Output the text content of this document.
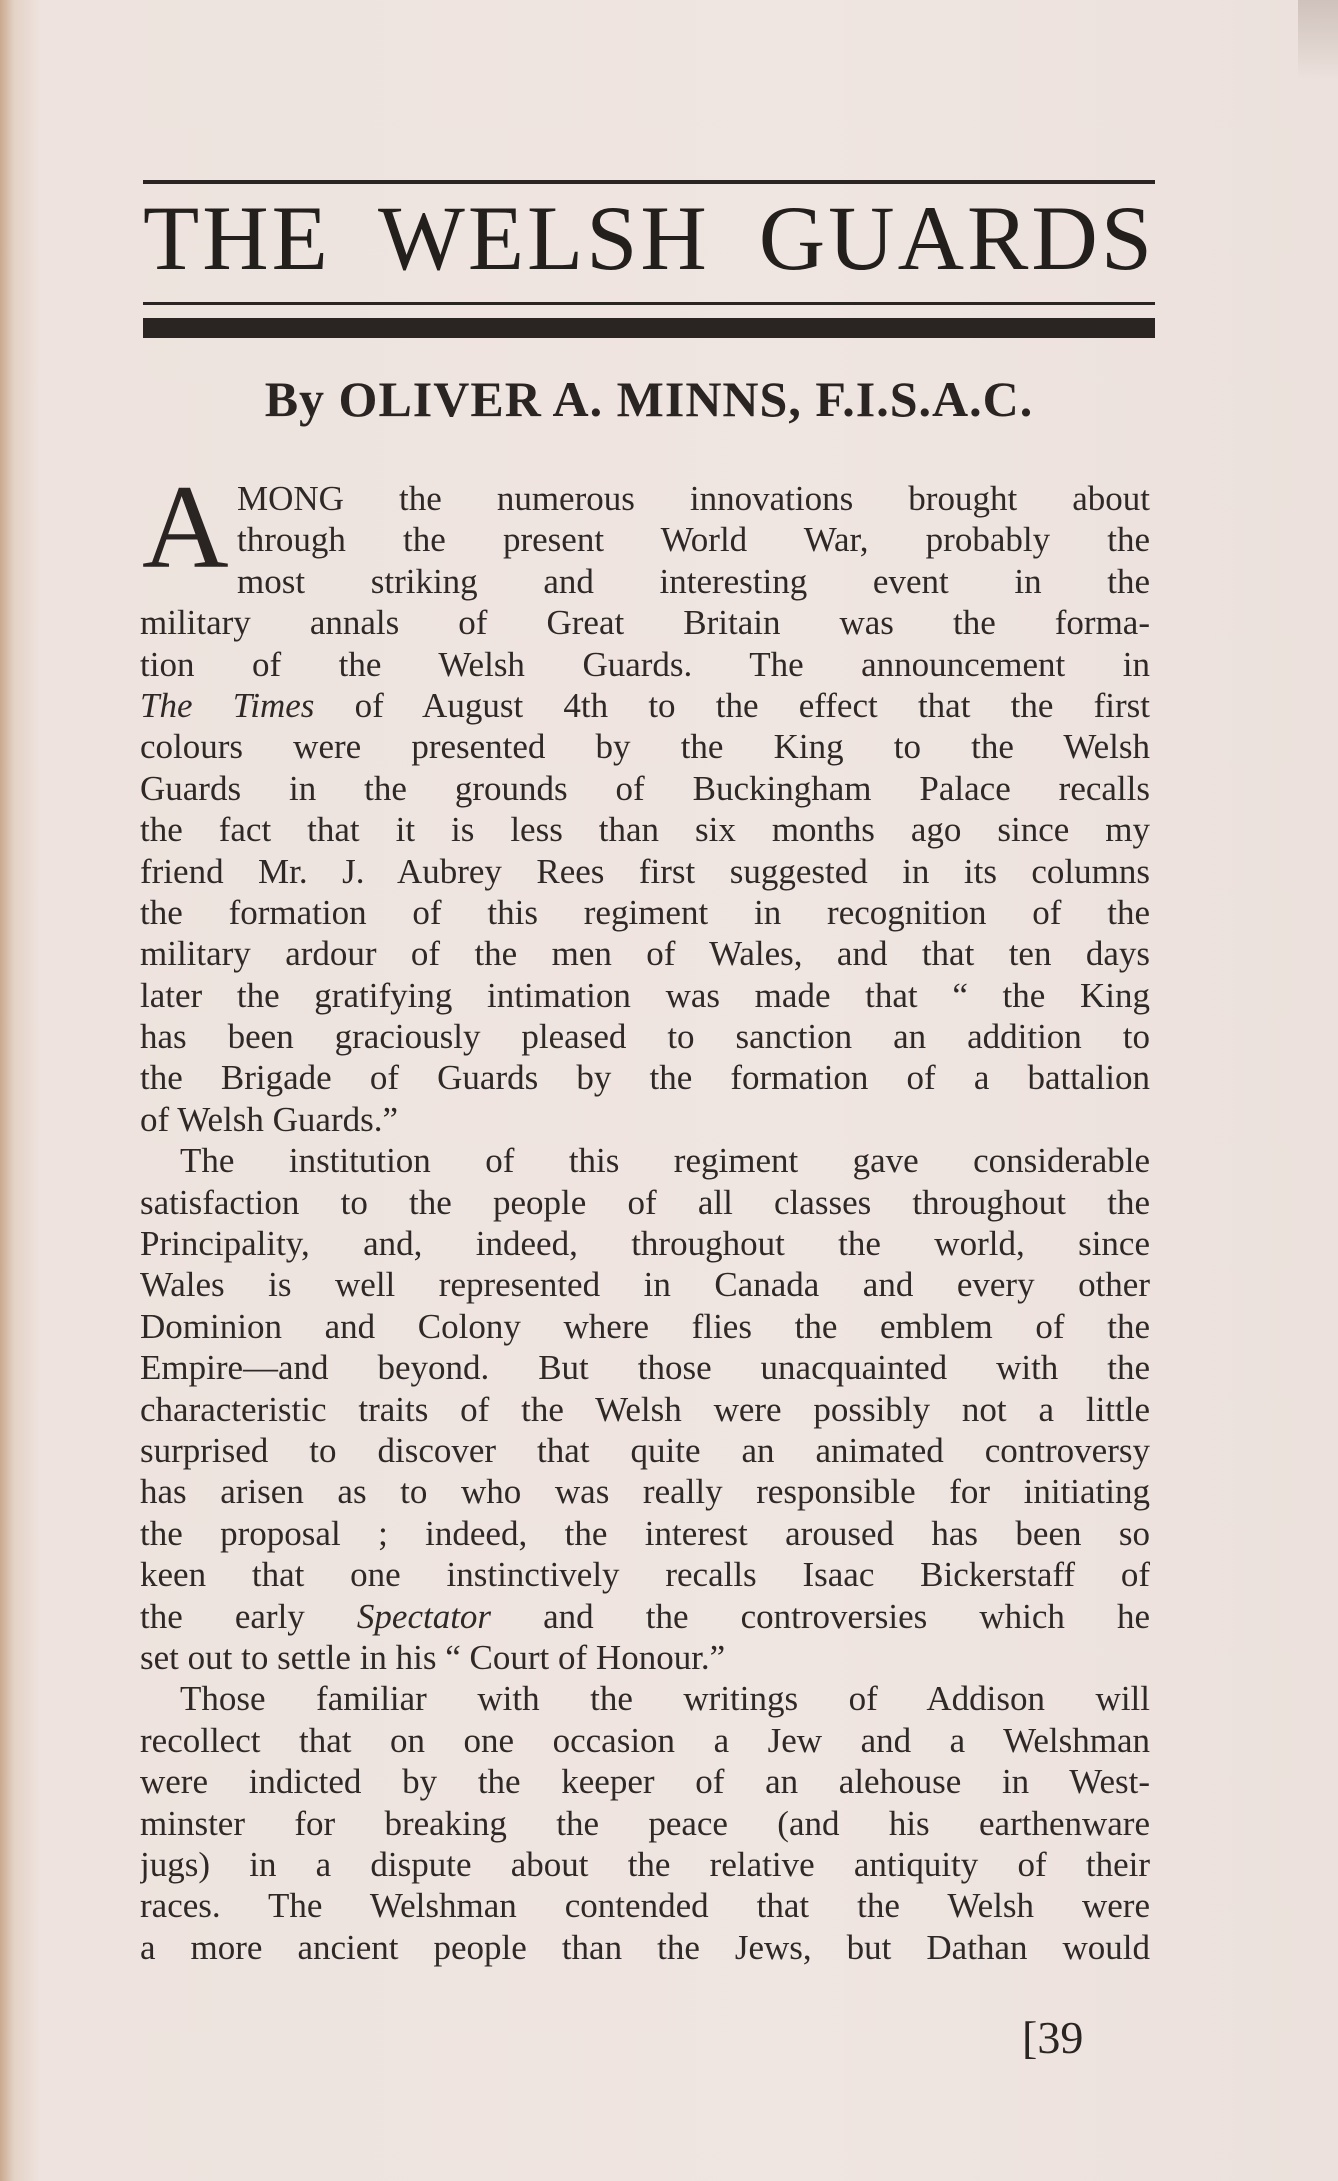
THE WELSH GUARDS
By OLIVER A. MINNS, F.I.S.A.C.
A MONG the numerous innovations brought about
through the present World War, probably the
most striking and interesting event in the
military annals of Great Britain was the forma-
tion of the Welsh Guards. The announcement in
The Times of August 4th to the effect that the first
colours were presented by the King to the Welsh
Guards in the grounds of Buckingham Palace recalls
the fact that it is less than six months ago since my
friend Mr. J. Aubrey Rees first suggested in its columns
the formation of this regiment in recognition of the
military ardour of the men of Wales, and that ten days
later the gratifying intimation was made that “ the King
has been graciously pleased to sanction an addition to
the Brigade of Guards by the formation of a battalion
of Welsh Guards.”
The institution of this regiment gave considerable
satisfaction to the people of all classes throughout the
Principality, and, indeed, throughout the world, since
Wales is well represented in Canada and every other
Dominion and Colony where flies the emblem of the
Empire—and beyond. But those unacquainted with the
characteristic traits of the Welsh were possibly not a little
surprised to discover that quite an animated controversy
has arisen as to who was really responsible for initiating
the proposal ; indeed, the interest aroused has been so
keen that one instinctively recalls Isaac Bickerstaff of
the early Spectator and the controversies which he
set out to settle in his “ Court of Honour.”
Those familiar with the writings of Addison will
recollect that on one occasion a Jew and a Welshman
were indicted by the keeper of an alehouse in West-
minster for breaking the peace (and his earthenware
jugs) in a dispute about the relative antiquity of their
races. The Welshman contended that the Welsh were
a more ancient people than the Jews, but Dathan would
[39
